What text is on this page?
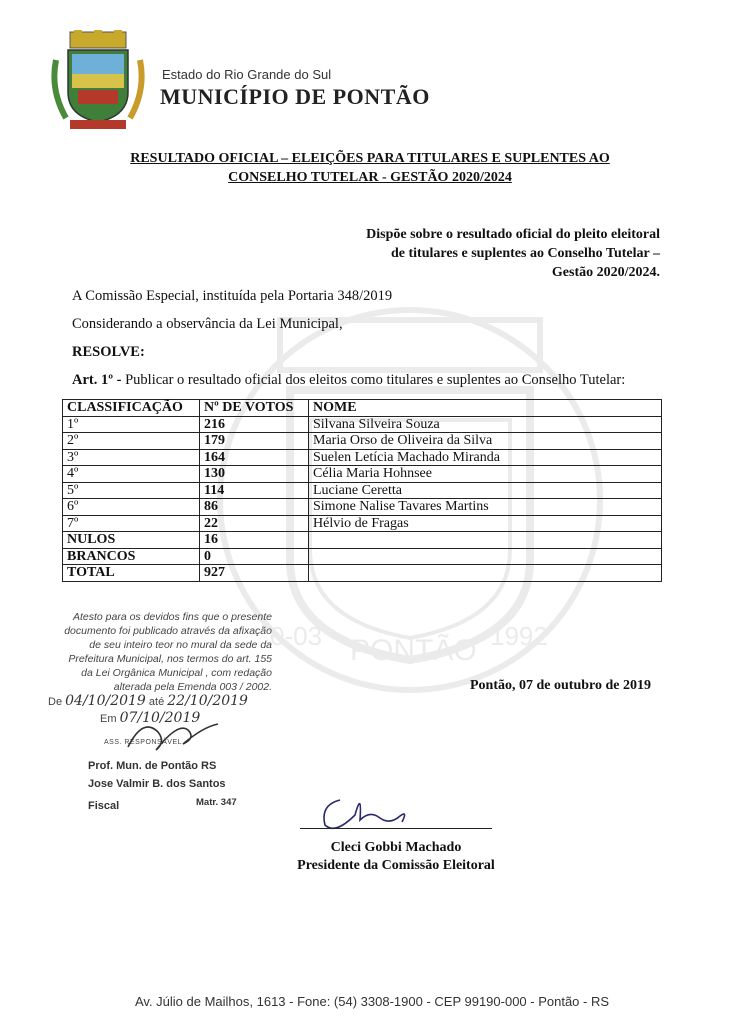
0-03 PONTÃO 1992
Estado do Rio Grande do Sul
MUNICÍPIO DE PONTÃO
RESULTADO OFICIAL – ELEIÇÕES PARA TITULARES E SUPLENTES AO
CONSELHO TUTELAR - GESTÃO 2020/2024
Dispõe sobre o resultado oficial do pleito eleitoral
de titulares e suplentes ao Conselho Tutelar –
Gestão 2020/2024.
A Comissão Especial, instituída pela Portaria 348/2019
Considerando a observância da Lei Municipal,
RESOLVE:
Art. 1º - Publicar o resultado oficial dos eleitos como titulares e suplentes ao Conselho Tutelar:
CLASSIFICAÇÃO	Nº DE VOTOS	NOME
1º	216	Silvana Silveira Souza
2º	179	Maria Orso de Oliveira da Silva
3º	164	Suelen Letícia Machado Miranda
4º	130	Célia Maria Hohnsee
5º	114	Luciane Ceretta
6º	86	Simone Nalise Tavares Martins
7º	22	Hélvio de Fragas
NULOS	16	
BRANCOS	0	
TOTAL	927	
Atesto para os devidos fins que o presente
documento foi publicado através da afixação
de seu inteiro teor no mural da sede da
Prefeitura Municipal, nos termos do art. 155
da Lei Orgânica Municipal , com redação
alterada pela Emenda 003 / 2002.
De 04/10/2019 até 22/10/2019
Em 07/10/2019
ASS. RESPONSÁVEL
Prof. Mun. de Pontão RS
Jose Valmir B. dos Santos
Fiscal	Matr. 347
Pontão, 07 de outubro de 2019
Cleci Gobbi Machado
Presidente da Comissão Eleitoral
Av. Júlio de Mailhos, 1613 - Fone: (54) 3308-1900 - CEP 99190-000 - Pontão - RS
